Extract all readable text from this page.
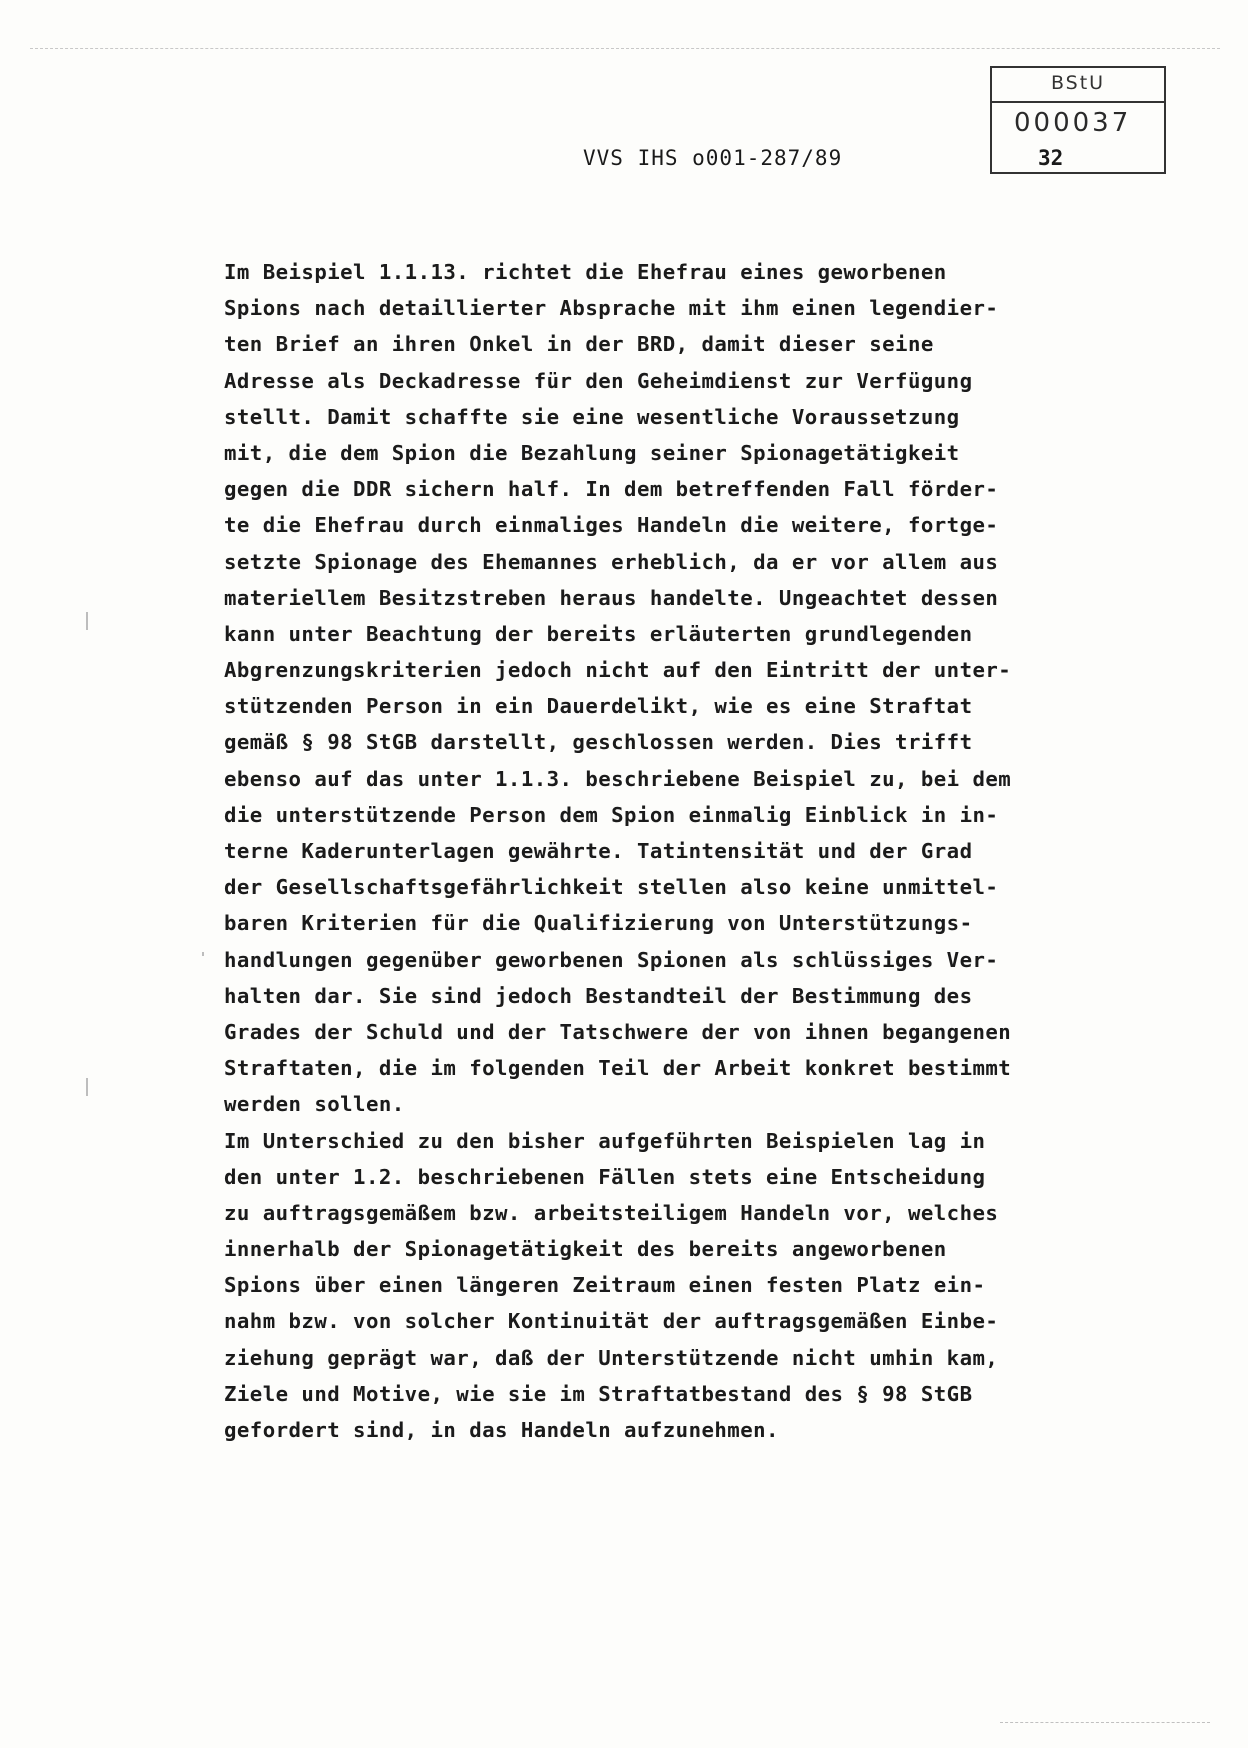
BStU
000037
VVS IHS o001-287/89	32
Im Beispiel 1.1.13. richtet die Ehefrau eines geworbenen
Spions nach detaillierter Absprache mit ihm einen legendier-
ten Brief an ihren Onkel in der BRD, damit dieser seine
Adresse als Deckadresse für den Geheimdienst zur Verfügung
stellt. Damit schaffte sie eine wesentliche Voraussetzung
mit, die dem Spion die Bezahlung seiner Spionagetätigkeit
gegen die DDR sichern half. In dem betreffenden Fall förder-
te die Ehefrau durch einmaliges Handeln die weitere, fortge-
setzte Spionage des Ehemannes erheblich, da er vor allem aus
materiellem Besitzstreben heraus handelte. Ungeachtet dessen
kann unter Beachtung der bereits erläuterten grundlegenden
Abgrenzungskriterien jedoch nicht auf den Eintritt der unter-
stützenden Person in ein Dauerdelikt, wie es eine Straftat
gemäß § 98 StGB darstellt, geschlossen werden. Dies trifft
ebenso auf das unter 1.1.3. beschriebene Beispiel zu, bei dem
die unterstützende Person dem Spion einmalig Einblick in in-
terne Kaderunterlagen gewährte. Tatintensität und der Grad
der Gesellschaftsgefährlichkeit stellen also keine unmittel-
baren Kriterien für die Qualifizierung von Unterstützungs-
handlungen gegenüber geworbenen Spionen als schlüssiges Ver-
halten dar. Sie sind jedoch Bestandteil der Bestimmung des
Grades der Schuld und der Tatschwere der von ihnen begangenen
Straftaten, die im folgenden Teil der Arbeit konkret bestimmt
werden sollen.
Im Unterschied zu den bisher aufgeführten Beispielen lag in
den unter 1.2. beschriebenen Fällen stets eine Entscheidung
zu auftragsgemäßem bzw. arbeitsteiligem Handeln vor, welches
innerhalb der Spionagetätigkeit des bereits angeworbenen
Spions über einen längeren Zeitraum einen festen Platz ein-
nahm bzw. von solcher Kontinuität der auftragsgemäßen Einbe-
ziehung geprägt war, daß der Unterstützende nicht umhin kam,
Ziele und Motive, wie sie im Straftatbestand des § 98 StGB
gefordert sind, in das Handeln aufzunehmen.
